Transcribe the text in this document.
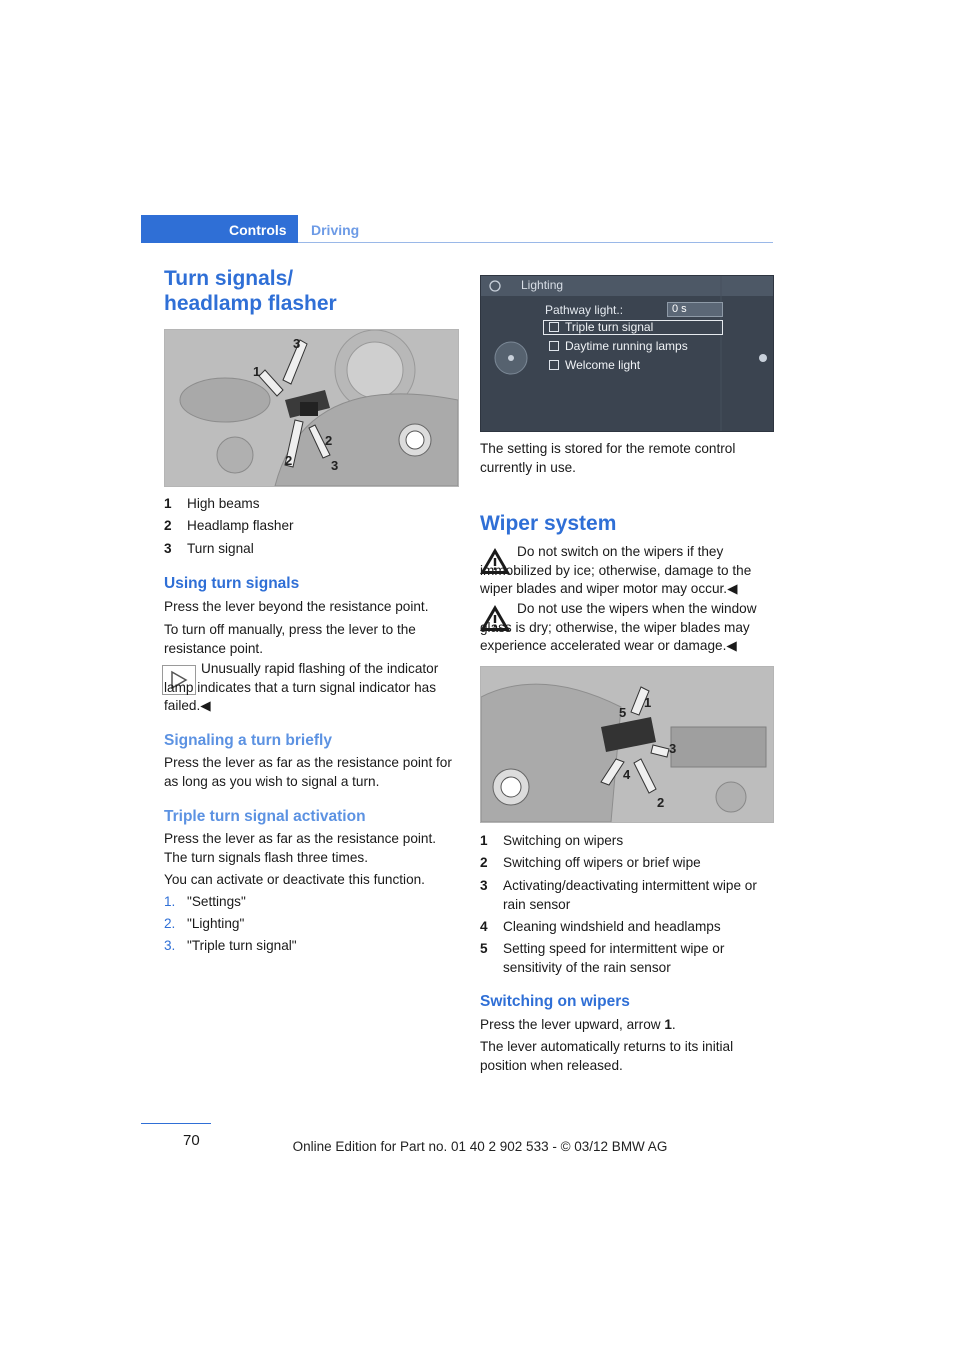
Controls Driving
Turn signals/
headlamp flasher
3
1
2
2	3
1 High beams
2 Headlamp flasher
3 Turn signal
Using turn signals

Press the lever beyond the resistance point.

To turn off manually, press the lever to the resistance point.

Unusually rapid flashing of the indicator lamp indicates that a turn signal indicator has failed.◀

Signaling a turn briefly

Press the lever as far as the resistance point for as long as you wish to signal a turn.

Triple turn signal activation

Press the lever as far as the resistance point. The turn signals flash three times.

You can activate or deactivate this function.

1. "Settings"
2. "Lighting"
3. "Triple turn signal"
Lighting
Pathway light.:	0 s
Triple turn signal
Daytime running lamps
Welcome light

The setting is stored for the remote control currently in use.

Wiper system

Do not switch on the wipers if they immobilized by ice; otherwise, damage to the wiper blades and wiper motor may occur.◀

Do not use the wipers when the window glass is dry; otherwise, the wiper blades may experience accelerated wear or damage.◀

1
2
3
4
5
1 Switching on wipers
2 Switching off wipers or brief wipe
3 Activating/deactivating intermittent wipe or rain sensor
4 Cleaning windshield and headlamps
5 Setting speed for intermittent wipe or sensitivity of the rain sensor
Switching on wipers

Press the lever upward, arrow 1.

The lever automatically returns to its initial position when released.

70	Online Edition for Part no. 01 40 2 902 533 - © 03/12 BMW AG
